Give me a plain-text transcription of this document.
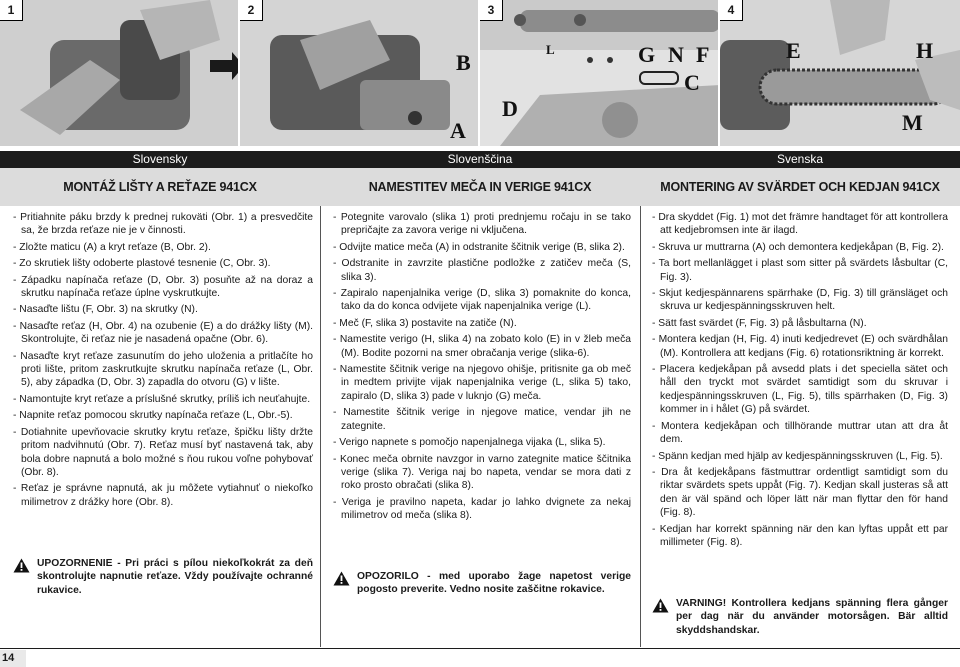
1	2
B
A
3
L	G N F
C
D
4
E	H
M
Slovensky	Slovenščina	Svenska
MONTÁŽ LIŠTY A REŤAZE 941CX	NAMESTITEV MEČA IN VERIGE 941CX	MONTERING AV SVÄRDET OCH KEDJAN 941CX

- Pritiahnite páku brzdy k prednej rukoväti (Obr. 1) a presvedčite sa, že brzda reťaze nie je v činnosti.

- Zložte maticu (A) a kryt reťaze (B, Obr. 2).

- Zo skrutiek lišty odoberte plastové tesnenie (C, Obr. 3).

- Západku napínača reťaze (D, Obr. 3) posuňte až na doraz a skrutku napínača reťaze úplne vyskrutkujte.

- Nasaďte lištu (F, Obr. 3) na skrutky (N).

- Nasaďte reťaz (H, Obr. 4) na ozubenie (E) a do drážky lišty (M). Skontrolujte, či reťaz nie je nasadená opačne (Obr. 6).

- Nasaďte kryt reťaze zasunutím do jeho uloženia a pritlačíte ho proti lište, pritom zaskrutkujte skrutku napínača reťaze (L, Obr. 5), aby západka (D, Obr. 3) zapadla do otvoru (G) v lište.

- Namontujte kryt reťaze a príslušné skrutky, príliš ich neuťahujte.

- Napnite reťaz pomocou skrutky napínača reťaze (L, Obr.-5).

- Dotiahnite upevňovacie skrutky krytu reťaze, špičku lišty držte pritom nadvihnutú (Obr. 7). Reťaz musí byť nastavená tak, aby bola dobre napnutá a bolo možné s ňou rukou voľne pohybovať (Obr. 8).

- Reťaz je správne napnutá, ak ju môžete vytiahnuť o niekoľko milimetrov z drážky hore (Obr. 8).

UPOZORNENIE - Pri práci s pílou niekoľkokrát za deň skontrolujte napnutie reťaze. Vždy používajte ochranné rukavice.

- Potegnite varovalo (slika 1) proti prednjemu ročaju in se tako prepričajte za zavora verige ni vključena.

- Odvijte matice meča (A) in odstranite ščitnik verige (B, slika 2).

- Odstranite in zavrzite plastične podložke z zatičev meča (S, slika 3).

- Zapiralo napenjalnika verige (D, slika 3) pomaknite do konca, tako da do konca odvijete vijak napenjalnika verige (L).

- Meč (F, slika 3) postavite na zatiče (N).

- Namestite verigo (H, slika 4) na zobato kolo (E) in v žleb meča (M). Bodite pozorni na smer obračanja verige (slika-6).

- Namestite ščitnik verige na njegovo ohišje, pritisnite ga ob meč in medtem privijte vijak napenjalnika verige (L, slika 5) tako, zapiralo (D, slika 3) pade v luknjo (G) meča.

- Namestite ščitnik verige in njegove matice, vendar jih ne zategnite.

- Verigo napnete s pomočjo napenjalnega vijaka (L, slika 5).

- Konec meča obrnite navzgor in varno zategnite matice ščitnika verige (slika 7). Veriga naj bo napeta, vendar se mora dati z roko prosto obračati (slika 8).

- Veriga je pravilno napeta, kadar jo lahko dvignete za nekaj milimetrov od meča (slika 8).

OPOZORILO - med uporabo žage napetost verige pogosto preverite. Vedno nosite zaščitne rokavice.

- Dra skyddet (Fig. 1) mot det främre handtaget för att kontrollera att kedjebromsen inte är ilagd.

- Skruva ur muttrarna (A) och demontera kedjekåpan (B, Fig. 2).

- Ta bort mellanlägget i plast som sitter på svärdets låsbultar (C, Fig. 3).

- Skjut kedjespännarens spärrhake (D, Fig. 3) till gränsläget och skruva ur kedjespänningsskruven helt.

- Sätt fast svärdet (F, Fig. 3) på låsbultarna (N).

- Montera kedjan (H, Fig. 4) inuti kedjedrevet (E) och svärdhålan (M). Kontrollera att kedjans (Fig. 6) rotationsriktning är korrekt.

- Placera kedjekåpan på avsedd plats i det speciella sätet och håll den tryckt mot svärdet samtidigt som du skruvar i kedjespänningsskruven (L, Fig. 5), tills spärrhaken (D, Fig. 3) kommer in i hålet (G) på svärdet.

- Montera kedjekåpan och tillhörande muttrar utan att dra åt dem.

- Spänn kedjan med hjälp av kedjespänningsskruven (L, Fig. 5).

- Dra åt kedjekåpans fästmuttrar ordentligt samtidigt som du riktar svärdets spets uppåt (Fig. 7). Kedjan skall justeras så att den är väl spänd och löper lätt när man flyttar den för hand (Fig. 8).

- Kedjan har korrekt spänning när den kan lyftas uppåt ett par millimeter (Fig. 8).

VARNING! Kontrollera kedjans spänning flera gånger per dag när du använder motorsågen. Bär alltid skyddshandskar.
14
